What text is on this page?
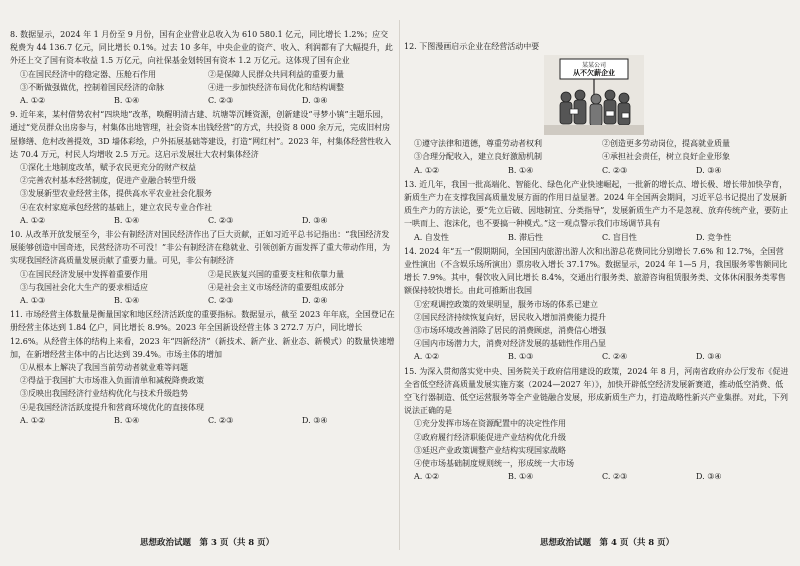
8. 数据显示，2024 年 1 月份至 9 月份，国有企业营业总收入为 610 580.1 亿元，同比增长 1.2%；应交税费为 44 136.7 亿元，同比增长 0.1%。过去 10 多年，中央企业的资产、收入、利润都有了大幅提升，此外还上交了国有资本收益 1.5 万亿元，向社保基金划转国有资本 1.2 万亿元。这体现了国有企业

①在国民经济中的稳定器、压舱石作用	②是保障人民群众共同利益的重要力量
③不断做强做优，控制着国民经济的命脉	④进一步加快经济布局优化和结构调整
A. ①②	B. ①④	C. ②③	D. ③④

9. 近年来，某村借势农村“四块地”改革，唤醒明清古建、坑塘等沉睡资源，创新建设“寻梦小镇”主题乐园，通过“党员群众出房参与，村集体出地管理，社会资本出钱经营”的方式，共投资 8 000 余万元，完成旧村房屋修缮、危村改善提效，3D 墙体彩绘，户外拓展基础等建设，打造“网红村”。2023 年，村集体经营性收入达 70.4 万元，村民人均增收 2.5 万元。这启示发展壮大农村集体经济

①深化土地制度改革，赋予农民更充分的财产权益

②完善农村基本经营制度，促进产业融合转型升级

③发展新型农业经营主体，提供高水平农业社会化服务

④在农村家庭承包经营的基础上，建立农民专业合作社

A. ①②	B. ①④	C. ②③	D. ③④

10. 从改革开放发展至今，非公有制经济对国民经济作出了巨大贡献，正如习近平总书记指出：“我国经济发展能够创造中国奇迹，民营经济功不可没！”非公有制经济在稳就业、引领创新方面发挥了重大带动作用，为实现我国经济高质量发展贡献了重要力量。可见，非公有制经济

①在国民经济发展中发挥着重要作用	②是民族复兴国的重要支柱和依靠力量
③与我国社会化大生产的要求相适应	④是社会主义市场经济的重要组成部分
A. ①③	B. ①④	C. ②③	D. ②④

11. 市场经营主体数量是衡量国家和地区经济活跃度的重要指标。数据显示，截至 2023 年年底，全国登记在册经营主体达到 1.84 亿户，同比增长 8.9%。2023 年全国新设经营主体 3 272.7 万户，同比增长 12.6%。从经营主体的结构上来看，2023 年“四新经济”（新技术、新产业、新业态、新模式）的数量快速增加，在新增经营主体中的占比达到 39.4%。市场主体的增加

①从根本上解决了我国当前劳动者就业难等问题

②得益于我国扩大市场准入负面清单和减税降费政策

③反映出我国经济行业结构优化与技术升级趋势

④是我国经济活跃度提升和营商环境优化的直接体现

A. ①②	B. ①④	C. ②③	D. ③④
思想政治试题　第 3 页（共 8 页）

12. 下图漫画启示企业在经营活动中要

某某公司
从不欠薪企业
①遵守法律和道德，尊重劳动者权利	②创造更多劳动岗位，提高就业质量
③合理分配收入，建立良好激励机制	④承担社会责任，树立良好企业形象
A. ①②	B. ①④	C. ②③	D. ③④

13. 近几年，我国一批高端化、智能化、绿色化产业快速崛起，一批新的增长点、增长极、增长带加快孕育，新质生产力在支撑我国高质量发展方面的作用日益显著。2024 年全国两会期间，习近平总书记提出了发展新质生产力的方法论，要“先立后破、因地制宜、分类指导”，发展新质生产力不是忽视、放弃传统产业，要防止一哄而上、泡沫化，也不要搞一种模式。”这一观点警示我们市场调节具有

A. 自发性	B. 滞后性	C. 盲目性	D. 竞争性

14. 2024 年“五一”假期期间，全国国内旅游出游人次和出游总花费同比分别增长 7.6% 和 12.7%，全国营业性演出（不含娱乐场所演出）票房收入增长 37.17%。数据显示，2024 年 1—5 月，我国服务零售额同比增长 7.9%。其中，餐饮收入同比增长 8.4%，交通出行服务类、旅游咨询租赁服务类、文体休闲服务类零售额保持较快增长。由此可推断出我国

①宏观调控政策的效果明显，服务市场的体系已建立

②国民经济持续恢复向好，居民收入增加消费能力提升

③市场环境改善消除了居民的消费顾虑，消费信心增强

④国内市场潜力大，消费对经济发展的基础性作用凸显

A. ①②	B. ①③	C. ②④	D. ③④

15. 为深入贯彻落实党中央、国务院关于政府信用建设的政策，2024 年 8 月，河南省政府办公厅发布《促进全省低空经济高质量发展实施方案（2024—2027 年）》，加快开辟低空经济发展新赛道，推动低空消费、低空飞行器制造、低空运营服务等全产业链融合发展，形成新质生产力，打造战略性新兴产业集群。对此，下列说法正确的是

①充分发挥市场在资源配置中的决定性作用

②政府履行经济职能促进产业结构优化升级

③延迟产业政策调整产业结构实现国家战略

④使市场基础制度规则统一，形成统一大市场

A. ①②	B. ①④	C. ②③	D. ③④
思想政治试题　第 4 页（共 8 页）
